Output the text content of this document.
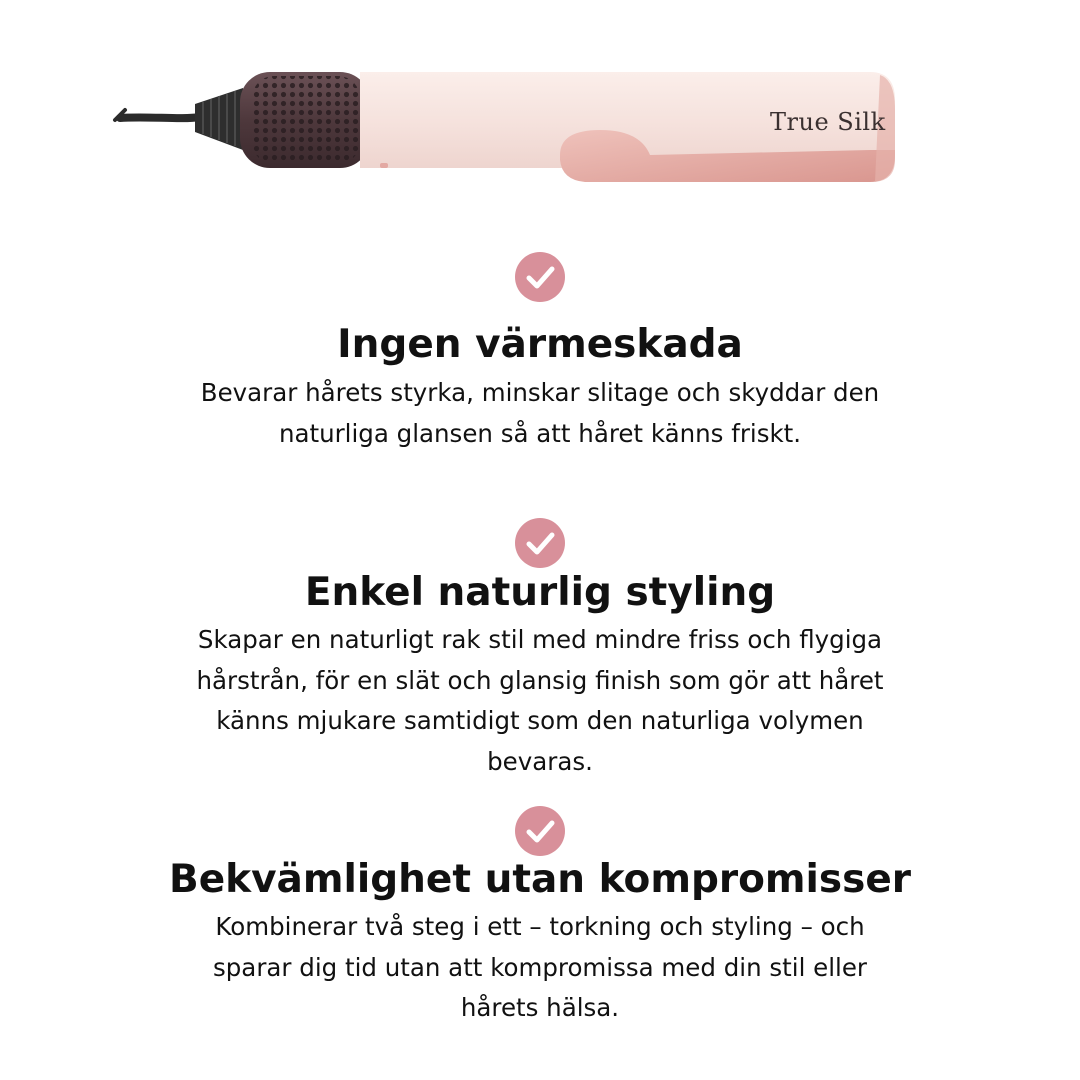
True Silk
Ingen värmeskada

Bevarar hårets styrka, minskar slitage och skyddar den
naturliga glansen så att håret känns friskt.

Enkel naturlig styling

Skapar en naturligt rak stil med mindre friss och flygiga
hårstrån, för en slät och glansig finish som gör att håret
känns mjukare samtidigt som den naturliga volymen
bevaras.

Bekvämlighet utan kompromisser

Kombinerar två steg i ett – torkning och styling – och
sparar dig tid utan att kompromissa med din stil eller
hårets hälsa.
